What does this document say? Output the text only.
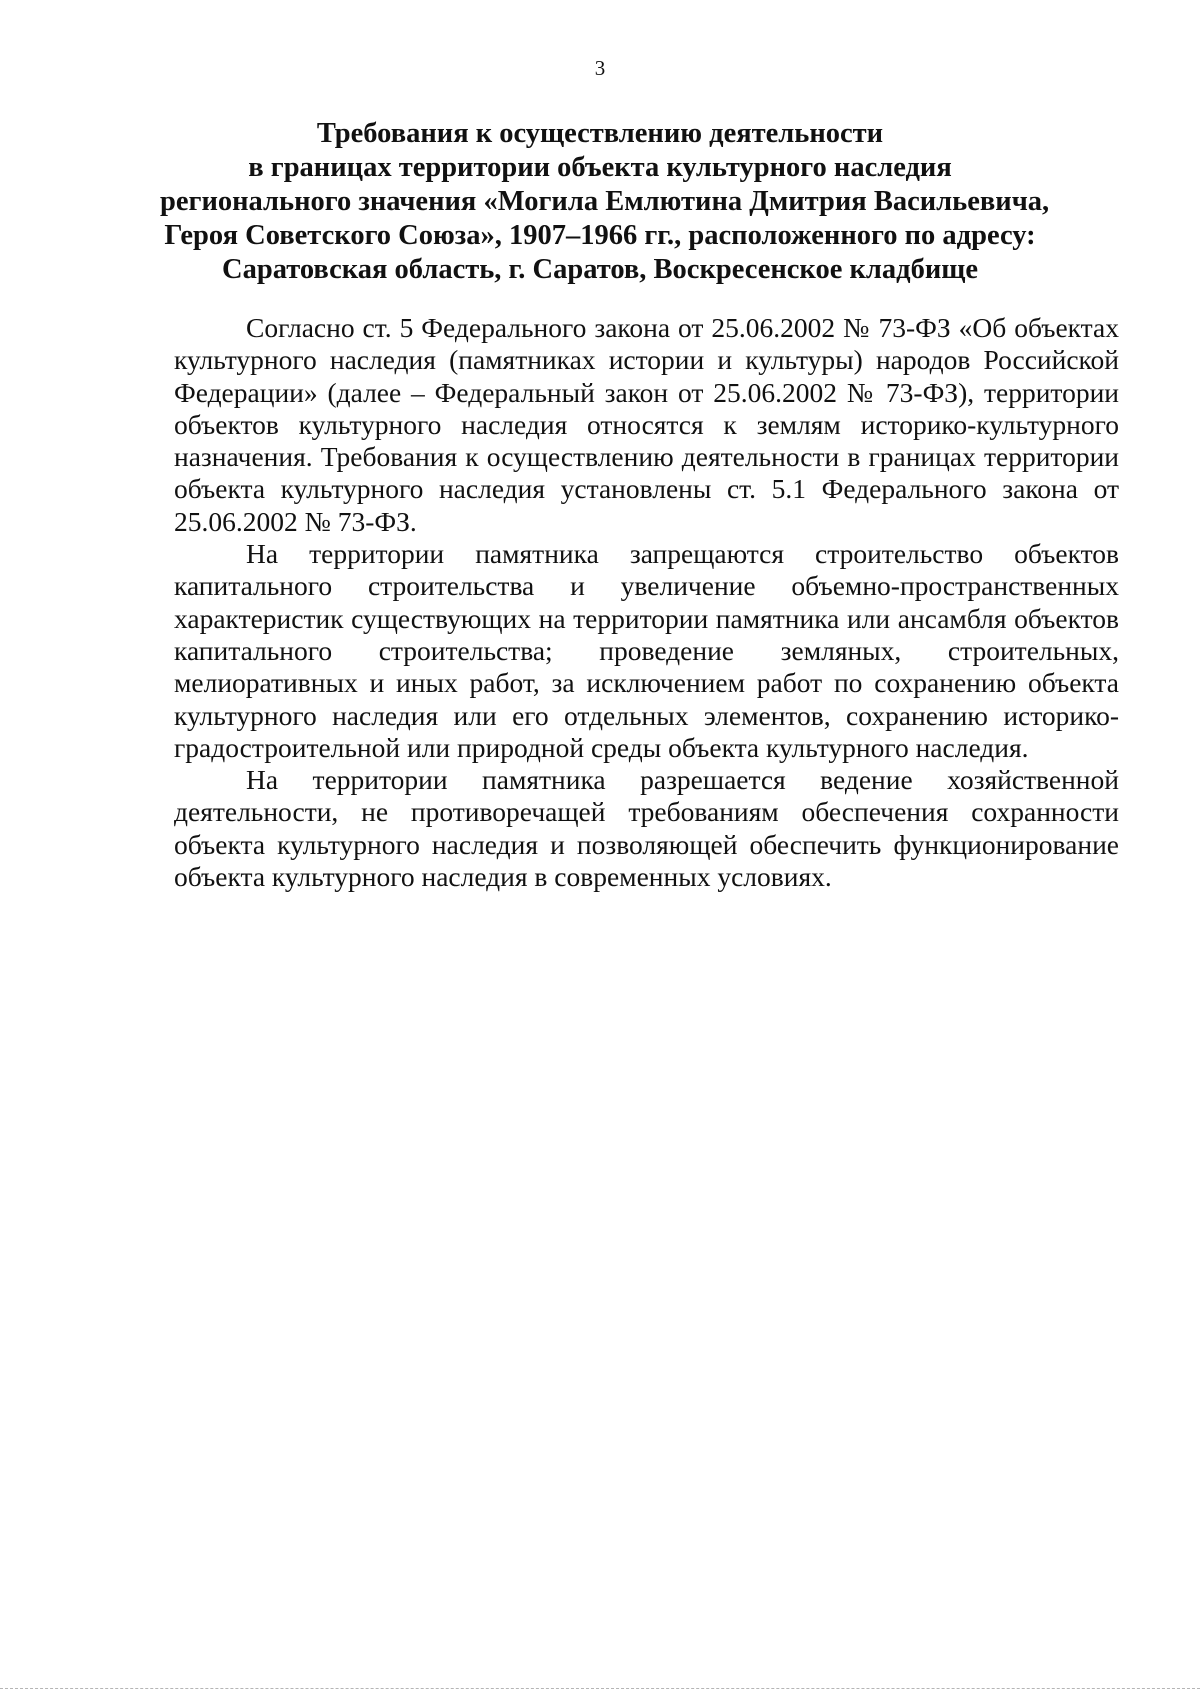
3
Требования к осуществлению деятельности
в границах территории объекта культурного наследия
регионального значения «Могила Емлютина Дмитрия Васильевича,
Героя Советского Союза», 1907–1966 гг., расположенного по адресу:
Саратовская область, г. Саратов, Воскресенское кладбище

Согласно ст. 5 Федерального закона от 25.06.2002 № 73-ФЗ «Об объектах культурного наследия (памятниках истории и культуры) народов Российской Федерации» (далее – Федеральный закон от 25.06.2002 № 73-ФЗ), территории объектов культурного наследия относятся к землям историко-культурного назначения. Требования к осуществлению деятельности в границах территории объекта культурного наследия установлены ст. 5.1 Федерального закона от 25.06.2002 № 73-ФЗ.

На территории памятника запрещаются строительство объектов капитального строительства и увеличение объемно-пространственных характеристик существующих на территории памятника или ансамбля объектов капитального строительства; проведение земляных, строительных, мелиоративных и иных работ, за исключением работ по сохранению объекта культурного наследия или его отдельных элементов, сохранению историко-градостроительной или природной среды объекта культурного наследия.

На территории памятника разрешается ведение хозяйственной деятельности, не противоречащей требованиям обеспечения сохранности объекта культурного наследия и позволяющей обеспечить функционирование объекта культурного наследия в современных условиях.
